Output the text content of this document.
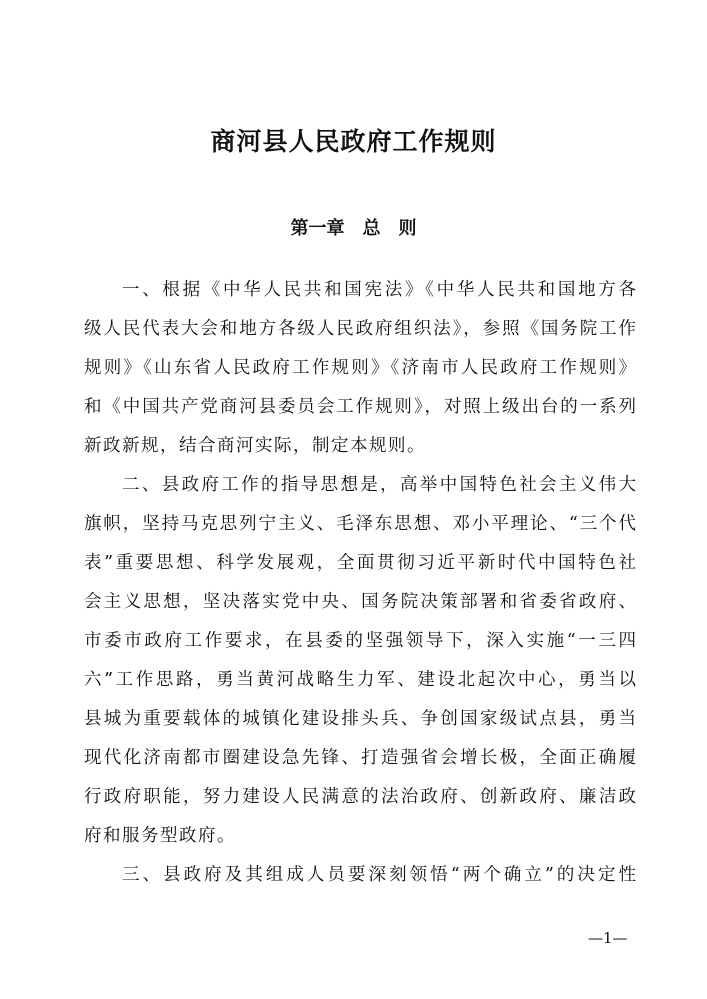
商河县人民政府工作规则
第一章　总　则
一、根据《中华人民共和国宪法》《中华人民共和国地方各
级人民代表大会和地方各级人民政府组织法》，参照《国务院工作
规则》《山东省人民政府工作规则》《济南市人民政府工作规则》
和《中国共产党商河县委员会工作规则》，对照上级出台的一系列
新政新规，结合商河实际，制定本规则。
二、县政府工作的指导思想是，高举中国特色社会主义伟大
旗帜，坚持马克思列宁主义、毛泽东思想、邓小平理论、“三个代
表”重要思想、科学发展观，全面贯彻习近平新时代中国特色社
会主义思想，坚决落实党中央、国务院决策部署和省委省政府、
市委市政府工作要求，在县委的坚强领导下，深入实施“一三四
六”工作思路，勇当黄河战略生力军、建设北起次中心，勇当以
县城为重要载体的城镇化建设排头兵、争创国家级试点县，勇当
现代化济南都市圈建设急先锋、打造强省会增长极，全面正确履
行政府职能，努力建设人民满意的法治政府、创新政府、廉洁政
府和服务型政府。
三、县政府及其组成人员要深刻领悟“两个确立”的决定性
—1—
